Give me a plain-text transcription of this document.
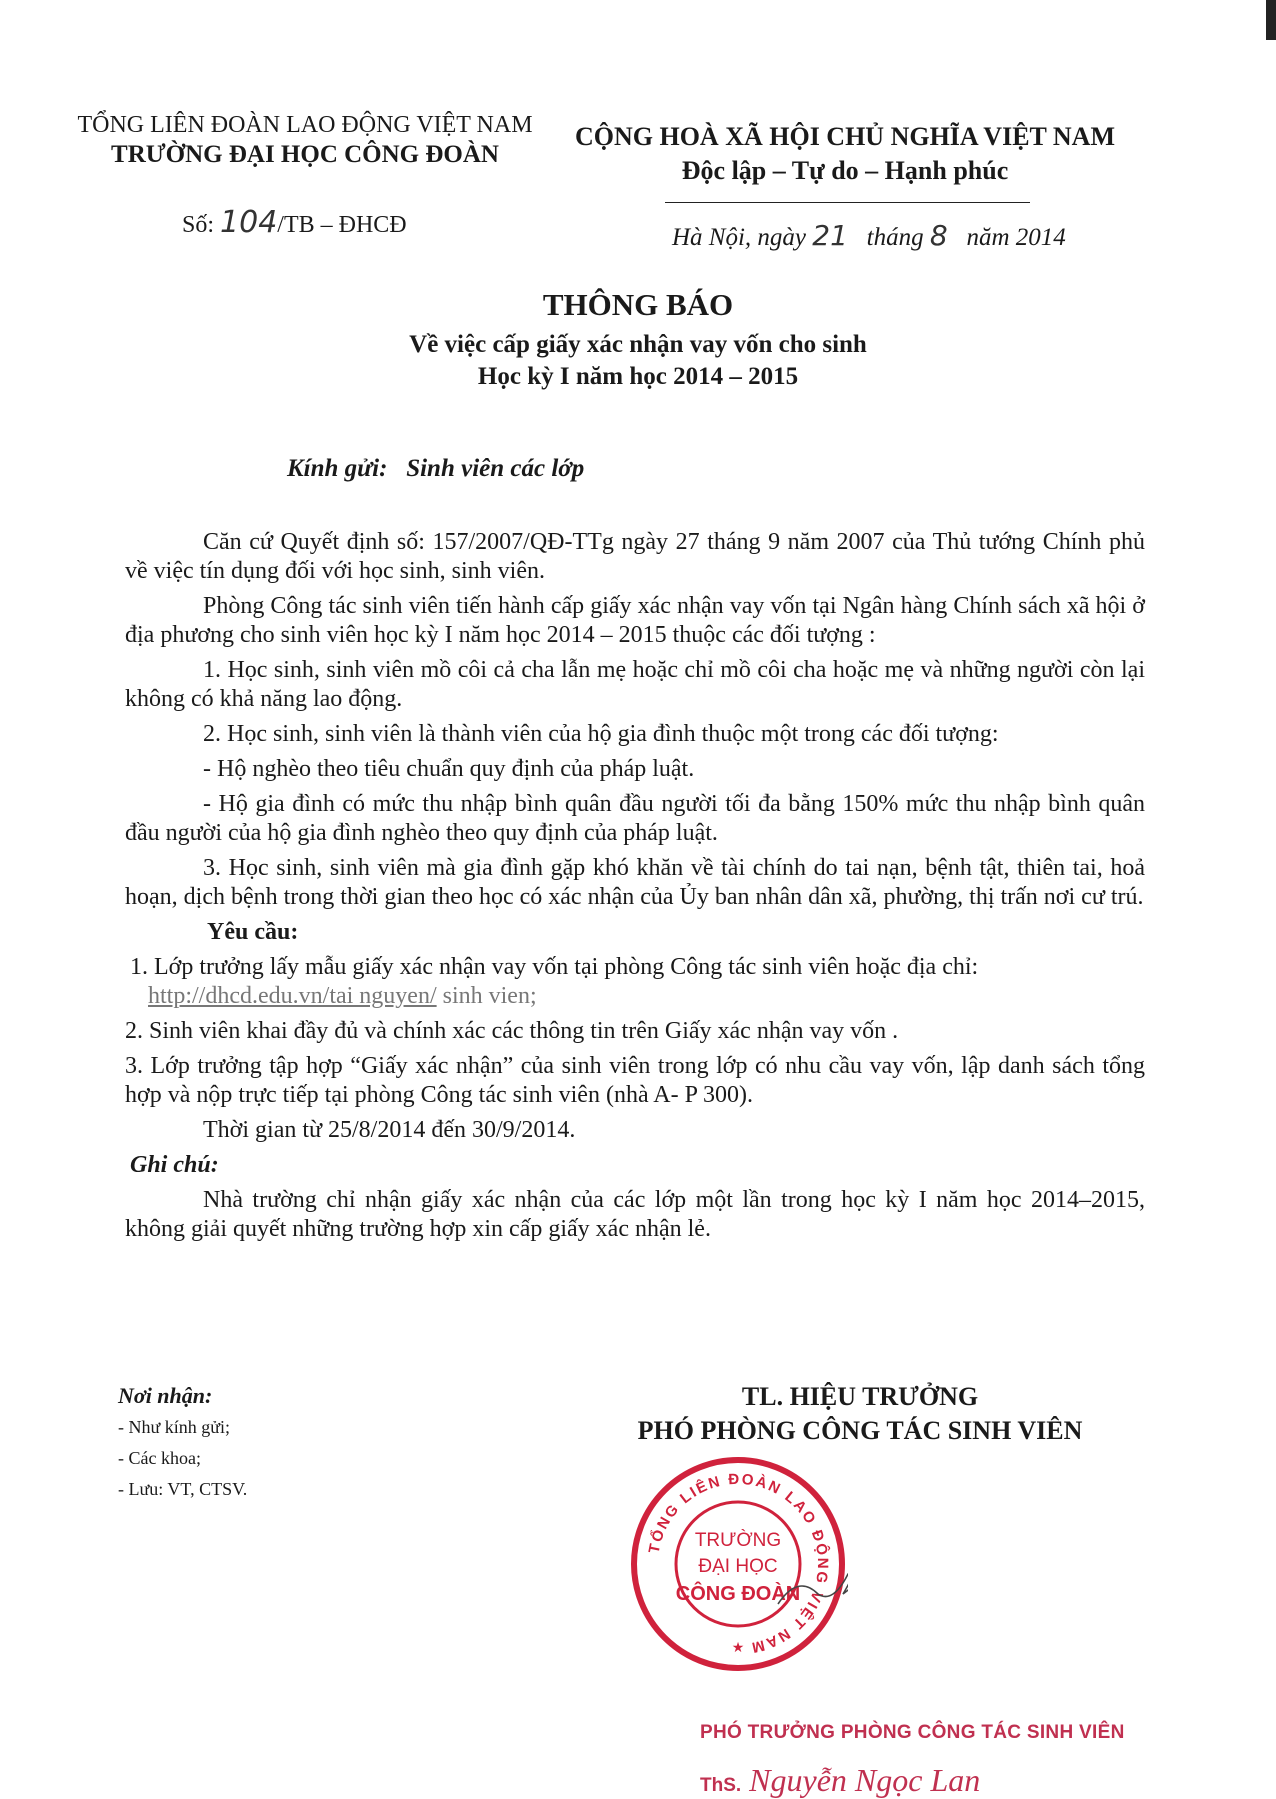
TỔNG LIÊN ĐOÀN LAO ĐỘNG VIỆT NAM
TRƯỜNG ĐẠI HỌC CÔNG ĐOÀN
Số: 104/TB – ĐHCĐ
CỘNG HOÀ XÃ HỘI CHỦ NGHĨA VIỆT NAM
Độc lập – Tự do – Hạnh phúc
Hà Nội, ngày 21 tháng 8 năm 2014
THÔNG BÁO
Về việc cấp giấy xác nhận vay vốn cho sinh
Học kỳ I năm học 2014 – 2015
Kính gửi: Sinh viên các lớp

Căn cứ Quyết định số: 157/2007/QĐ-TTg ngày 27 tháng 9 năm 2007 của Thủ tướng Chính phủ về việc tín dụng đối với học sinh, sinh viên.

Phòng Công tác sinh viên tiến hành cấp giấy xác nhận vay vốn tại Ngân hàng Chính sách xã hội ở địa phương cho sinh viên học kỳ I năm học 2014 – 2015 thuộc các đối tượng :

1. Học sinh, sinh viên mồ côi cả cha lẫn mẹ hoặc chỉ mồ côi cha hoặc mẹ và những người còn lại không có khả năng lao động.

2. Học sinh, sinh viên là thành viên của hộ gia đình thuộc một trong các đối tượng:

- Hộ nghèo theo tiêu chuẩn quy định của pháp luật.

- Hộ gia đình có mức thu nhập bình quân đầu người tối đa bằng 150% mức thu nhập bình quân đầu người của hộ gia đình nghèo theo quy định của pháp luật.

3. Học sinh, sinh viên mà gia đình gặp khó khăn về tài chính do tai nạn, bệnh tật, thiên tai, hoả hoạn, dịch bệnh trong thời gian theo học có xác nhận của Ủy ban nhân dân xã, phường, thị trấn nơi cư trú.

Yêu cầu:

1. Lớp trưởng lấy mẫu giấy xác nhận vay vốn tại phòng Công tác sinh viên hoặc địa chỉ:
http://dhcd.edu.vn/tai nguyen/ sinh vien;

2. Sinh viên khai đầy đủ và chính xác các thông tin trên Giấy xác nhận vay vốn .

3. Lớp trưởng tập hợp “Giấy xác nhận” của sinh viên trong lớp có nhu cầu vay vốn, lập danh sách tổng hợp và nộp trực tiếp tại phòng Công tác sinh viên (nhà A- P 300).

Thời gian từ 25/8/2014 đến 30/9/2014.

Ghi chú:

Nhà trường chỉ nhận giấy xác nhận của các lớp một lần trong học kỳ I năm học 2014–2015, không giải quyết những trường hợp xin cấp giấy xác nhận lẻ.

Nơi nhận:
- Như kính gửi;
- Các khoa;
- Lưu: VT, CTSV.
TL. HIỆU TRƯỞNG
PHÓ PHÒNG CÔNG TÁC SINH VIÊN
TỔNG LIÊN ĐOÀN LAO ĐỘNG VIỆT NAM
TRƯỜNG
ĐẠI HỌC
CÔNG ĐOÀN
★
PHÓ TRƯỞNG PHÒNG CÔNG TÁC SINH VIÊN
ThS. Nguyễn Ngọc Lan
